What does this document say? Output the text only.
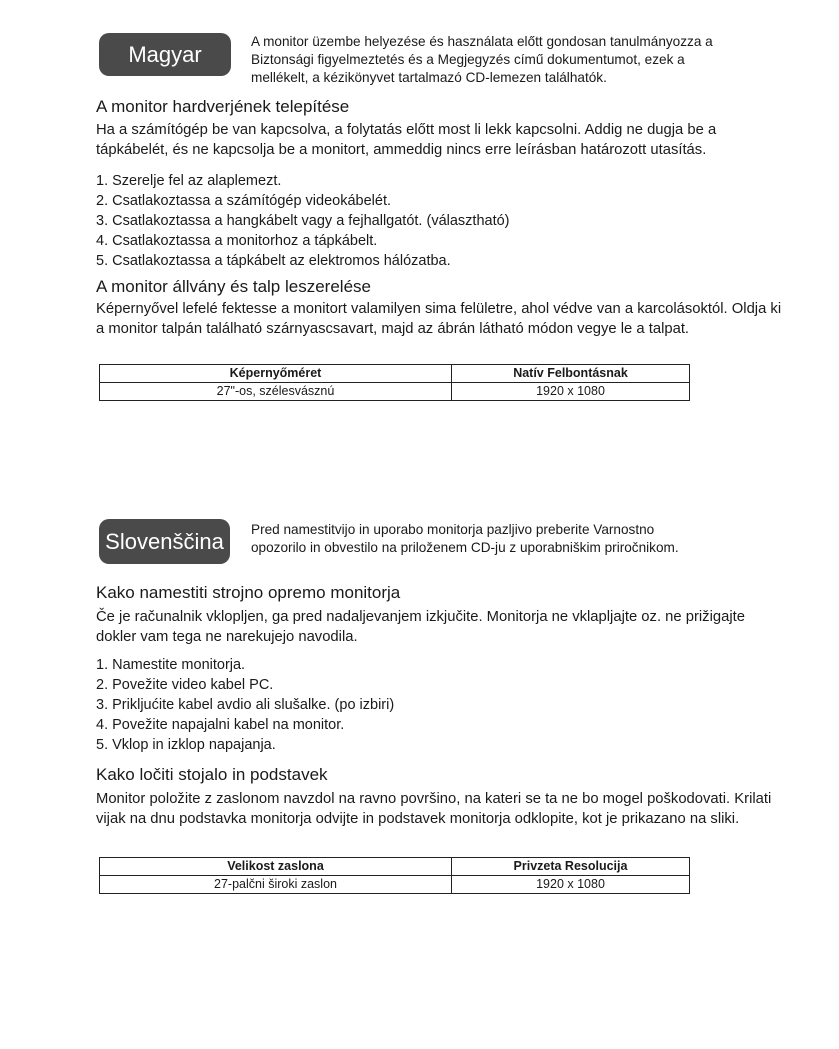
Magyar	A monitor üzembe helyezése és használata előtt gondosan tanulmányozza a
Biztonsági figyelmeztetés és a Megjegyzés című dokumentumot, ezek a
mellékelt, a kézikönyvet tartalmazó CD-lemezen találhatók.
A monitor hardverjének telepítése

Ha a számítógép be van kapcsolva, a folytatás előtt most li lekk kapcsolni. Addig ne dugja be a tápkábelét, és ne kapcsolja be a monitort, ammeddig nincs erre leírásban határozott utasítás.

1. Szerelje fel az alaplemezt.
2. Csatlakoztassa a számítógép videokábelét.
3. Csatlakoztassa a hangkábelt vagy a fejhallgatót. (választható)
4. Csatlakoztassa a monitorhoz a tápkábelt.
5. Csatlakoztassa a tápkábelt az elektromos hálózatba.
A monitor állvány és talp leszerelése

Képernyővel lefelé fektesse a monitort valamilyen sima felületre, ahol védve van a karcolásoktól. Oldja ki a monitor talpán található szárnyascsavart, majd az ábrán látható módon vegye le a talpat.

Képernyőméret	Natív Felbontásnak
27"-os, szélesvásznú	1920 x 1080
Slovenščina	Pred namestitvijo in uporabo monitorja pazljivo preberite Varnostno
opozorilo in obvestilo na priloženem CD-ju z uporabniškim priročnikom.
Kako namestiti strojno opremo monitorja

Če je računalnik vklopljen, ga pred nadaljevanjem izkjučite. Monitorja ne vklapljajte oz. ne prižigajte dokler vam tega ne narekujejo navodila.

1. Namestite monitorja.
2. Povežite video kabel PC.
3. Prikljućite kabel avdio ali slušalke. (po izbiri)
4. Povežite napajalni kabel na monitor.
5. Vklop in izklop napajanja.
Kako ločiti stojalo in podstavek

Monitor položite z zaslonom navzdol na ravno površino, na kateri se ta ne bo mogel poškodovati. Krilati vijak na dnu podstavka monitorja odvijte in podstavek monitorja odklopite, kot je prikazano na sliki.

Velikost zaslona	Privzeta Resolucija
27-palčni široki zaslon	1920 x 1080
